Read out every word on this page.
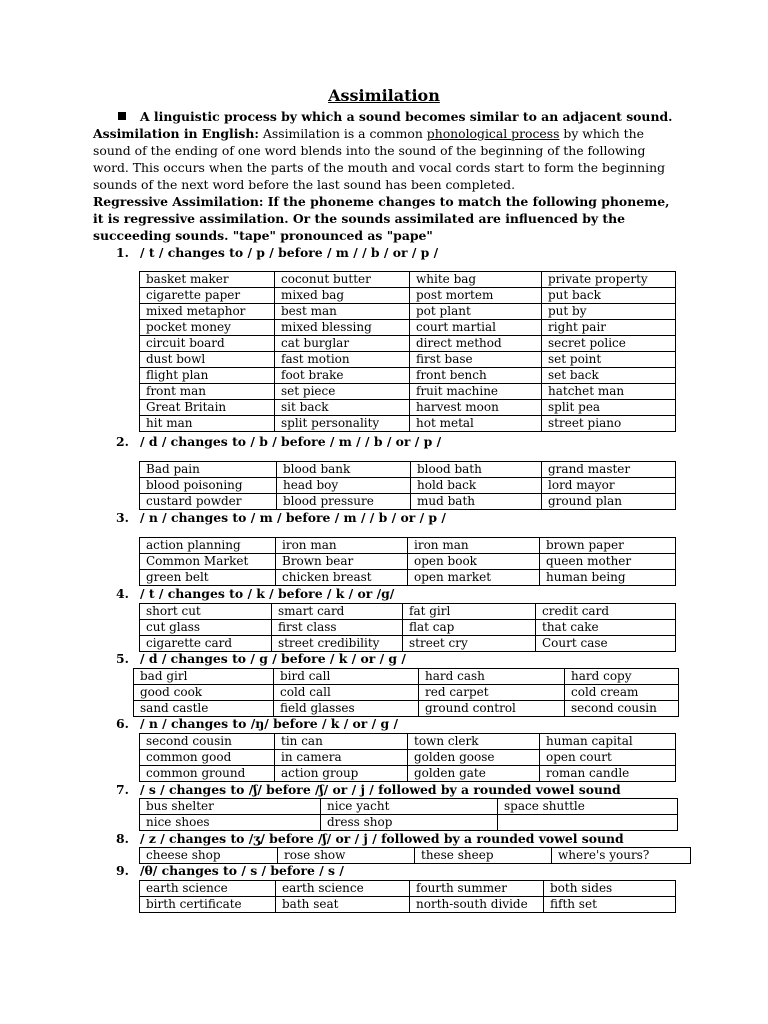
Assimilation
A linguistic process by which a sound becomes similar to an adjacent sound.
Assimilation in English: Assimilation is a common phonological process by which the sound of the ending of one word blends into the sound of the beginning of the following word. This occurs when the parts of the mouth and vocal cords start to form the beginning sounds of the next word before the last sound has been completed.
Regressive Assimilation: If the phoneme changes to match the following phoneme, it is regressive assimilation. Or the sounds assimilated are influenced by the succeeding sounds. "tape" pronounced as "pape"
1. / t / changes to / p / before / m / / b / or / p /
basket maker	coconut butter	white bag	private property
cigarette paper	mixed bag	post mortem	put back
mixed metaphor	best man	pot plant	put by
pocket money	mixed blessing	court martial	right pair
circuit board	cat burglar	direct method	secret police
dust bowl	fast motion	first base	set point
flight plan	foot brake	front bench	set back
front man	set piece	fruit machine	hatchet man
Great Britain	sit back	harvest moon	split pea
hit man	split personality	hot metal	street piano
2. / d / changes to / b / before / m / / b / or / p /
Bad pain	blood bank	blood bath	grand master
blood poisoning	head boy	hold back	lord mayor
custard powder	blood pressure	mud bath	ground plan
3. / n / changes to / m / before / m / / b / or / p /
action planning	iron man	iron man	brown paper
Common Market	Brown bear	open book	queen mother
green belt	chicken breast	open market	human being
4. / t / changes to / k / before / k / or /g/
short cut	smart card	fat girl	credit card
cut glass	first class	flat cap	that cake
cigarette card	street credibility	street cry	Court case
5. / d / changes to / g / before / k / or / g /
bad girl	bird call	hard cash	hard copy
good cook	cold call	red carpet	cold cream
sand castle	field glasses	ground control	second cousin
6. / n / changes to /ŋ/ before / k / or / g /
second cousin	tin can	town clerk	human capital
common good	in camera	golden goose	open court
common ground	action group	golden gate	roman candle
7. / s / changes to /ʃ/ before /ʃ/ or / j / followed by a rounded vowel sound
bus shelter	nice yacht	space shuttle
nice shoes	dress shop	
8. / z / changes to /ʒ/ before /ʃ/ or / j / followed by a rounded vowel sound
cheese shop	rose show	these sheep	where's yours?
9. /θ/ changes to / s / before / s /
earth science	earth science	fourth summer	both sides
birth certificate	bath seat	north-south divide	fifth set
